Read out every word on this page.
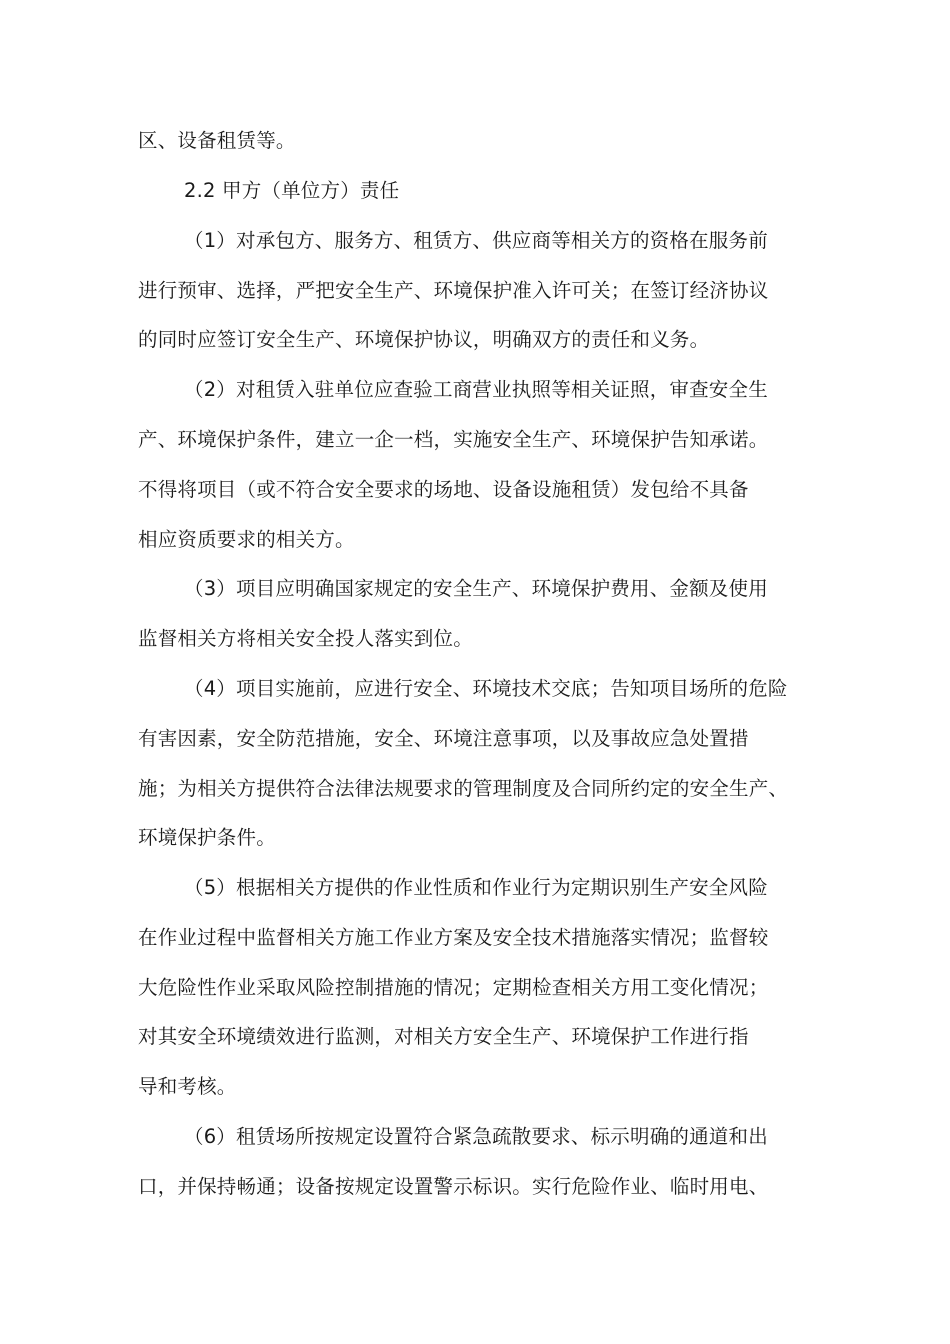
区、设备租赁等。
2.2 甲方（单位方）责任
（1）对承包方、服务方、租赁方、供应商等相关方的资格在服务前
进行预审、选择，严把安全生产、环境保护准入许可关；在签订经济协议
的同时应签订安全生产、环境保护协议，明确双方的责任和义务。
（2）对租赁入驻单位应查验工商营业执照等相关证照，审查安全生
产、环境保护条件，建立一企一档，实施安全生产、环境保护告知承诺。
不得将项目（或不符合安全要求的场地、设备设施租赁）发包给不具备
相应资质要求的相关方。
（3）项目应明确国家规定的安全生产、环境保护费用、金额及使用
监督相关方将相关安全投人落实到位。
（4）项目实施前，应进行安全、环境技术交底；告知项目场所的危险
有害因素，安全防范措施，安全、环境注意事项，以及事故应急处置措
施；为相关方提供符合法律法规要求的管理制度及合同所约定的安全生产、
环境保护条件。
（5）根据相关方提供的作业性质和作业行为定期识别生产安全风险
在作业过程中监督相关方施工作业方案及安全技术措施落实情况；监督较
大危险性作业采取风险控制措施的情况；定期检查相关方用工变化情况；
对其安全环境绩效进行监测，对相关方安全生产、环境保护工作进行指
导和考核。
（6）租赁场所按规定设置符合紧急疏散要求、标示明确的通道和出
口，并保持畅通；设备按规定设置警示标识。实行危险作业、临时用电、
